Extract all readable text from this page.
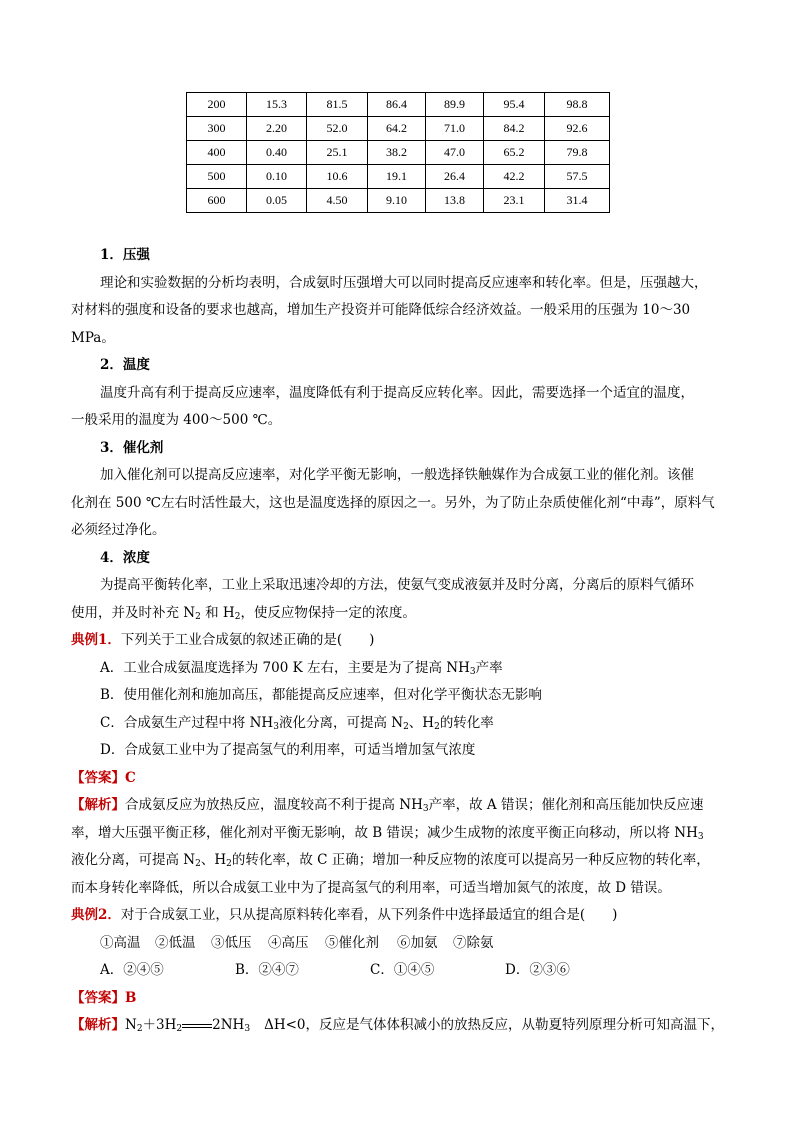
200	15.3	81.5	86.4	89.9	95.4	98.8
300	2.20	52.0	64.2	71.0	84.2	92.6
400	0.40	25.1	38.2	47.0	65.2	79.8
500	0.10	10.6	19.1	26.4	42.2	57.5
600	0.05	4.50	9.10	13.8	23.1	31.4
1．压强
理论和实验数据的分析均表明，合成氨时压强增大可以同时提高反应速率和转化率。但是，压强越大，
对材料的强度和设备的要求也越高，增加生产投资并可能降低综合经济效益。一般采用的压强为 10～30
MPa。
2．温度
温度升高有利于提高反应速率，温度降低有利于提高反应转化率。因此，需要选择一个适宜的温度，
一般采用的温度为 400～500 ℃。
3．催化剂
加入催化剂可以提高反应速率，对化学平衡无影响，一般选择铁触媒作为合成氨工业的催化剂。该催
化剂在 500 ℃左右时活性最大，这也是温度选择的原因之一。另外，为了防止杂质使催化剂“中毒”，原料气
必须经过净化。
4．浓度
为提高平衡转化率，工业上采取迅速冷却的方法，使氨气变成液氨并及时分离，分离后的原料气循环
使用，并及时补充 $N_2$ 和 $H_2$，使反应物保持一定的浓度。
典例1．下列关于工业合成氨的叙述正确的是(　　)
A．工业合成氨温度选择为 700 K 左右，主要是为了提高 $NH_3$产率
B．使用催化剂和施加高压，都能提高反应速率，但对化学平衡状态无影响
C．合成氨生产过程中将 $NH_3$液化分离，可提高 $N_2$、$H_2$的转化率
D．合成氨工业中为了提高氢气的利用率，可适当增加氢气浓度
【答案】C
【解析】合成氨反应为放热反应，温度较高不利于提高 $NH_3$产率，故 A 错误；催化剂和高压能加快反应速
率，增大压强平衡正移，催化剂对平衡无影响，故 B 错误；减少生成物的浓度平衡正向移动，所以将 $NH_3$
液化分离，可提高 $N_2$、$H_2$的转化率，故 C 正确；增加一种反应物的浓度可以提高另一种反应物的转化率，
而本身转化率降低，所以合成氨工业中为了提高氢气的利用率，可适当增加氮气的浓度，故 D 错误。
典例2．对于合成氨工业，只从提高原料转化率看，从下列条件中选择最适宜的组合是(　　)
①高温	②低温	③低压	④高压	⑤催化剂	⑥加氨	⑦除氨
A．②④⑤	B．②④⑦	C．①④⑤	D．②③⑥
【答案】B
【解析】$N_2+3H_2$ $2NH_3$ ΔH<0，反应是气体体积减小的放热反应，从勒夏特列原理分析可知高温下，
